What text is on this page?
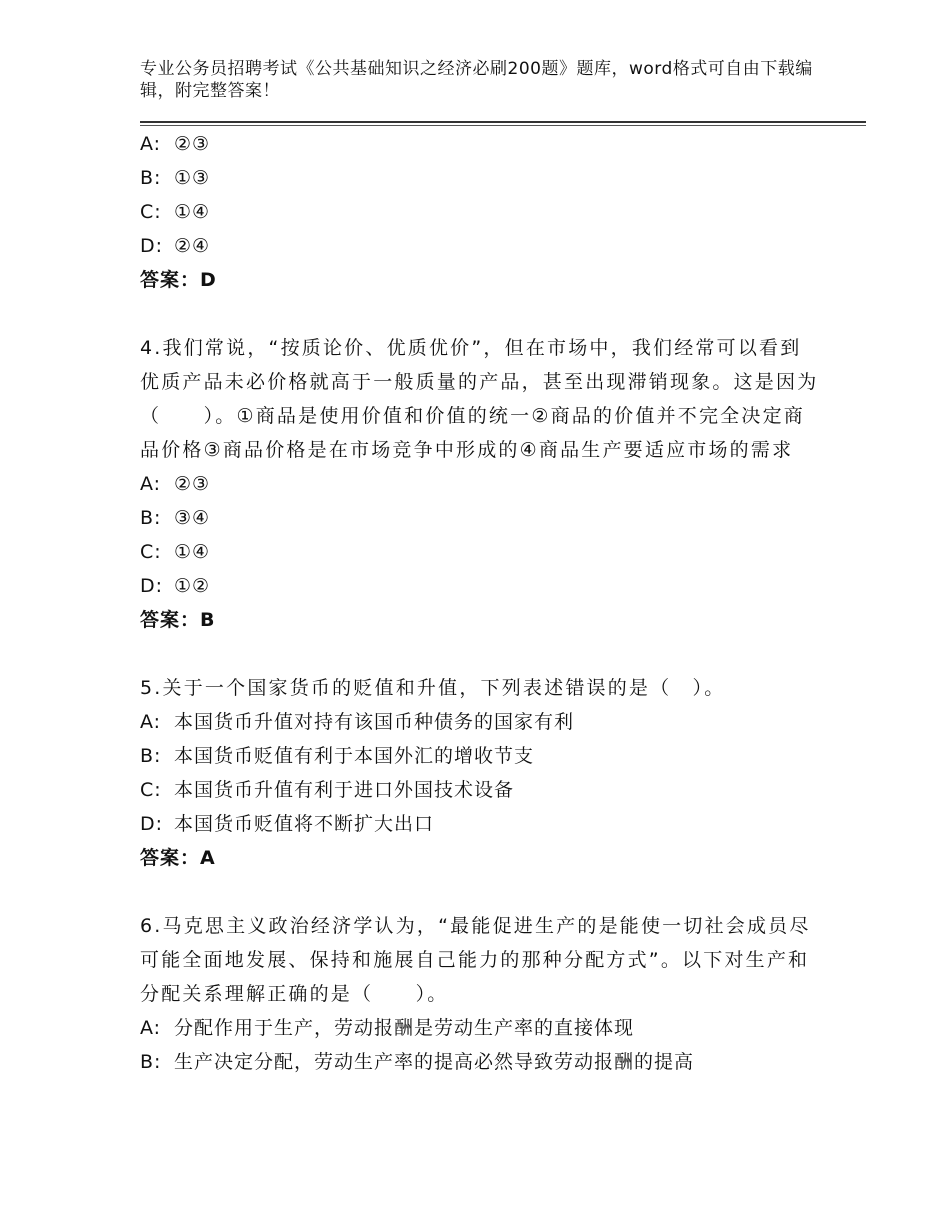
专业公务员招聘考试《公共基础知识之经济必刷200题》题库，word格式可自由下载编辑，附完整答案！
A: ②③
B: ①③
C: ①④
D: ②④
答案：D
4.我们常说，“按质论价、优质优价”，但在市场中，我们经常可以看到优质产品未必价格就高于一般质量的产品，甚至出现滞销现象。这是因为（　　）。①商品是使用价值和价值的统一②商品的价值并不完全决定商品价格③商品价格是在市场竞争中形成的④商品生产要适应市场的需求
A: ②③
B: ③④
C: ①④
D: ①②
答案：B
5.关于一个国家货币的贬值和升值，下列表述错误的是（　）。
A: 本国货币升值对持有该国币种债务的国家有利
B: 本国货币贬值有利于本国外汇的增收节支
C: 本国货币升值有利于进口外国技术设备
D: 本国货币贬值将不断扩大出口
答案：A
6.马克思主义政治经济学认为，“最能促进生产的是能使一切社会成员尽可能全面地发展、保持和施展自己能力的那种分配方式”。以下对生产和分配关系理解正确的是（　　）。
A: 分配作用于生产，劳动报酬是劳动生产率的直接体现
B: 生产决定分配，劳动生产率的提高必然导致劳动报酬的提高
